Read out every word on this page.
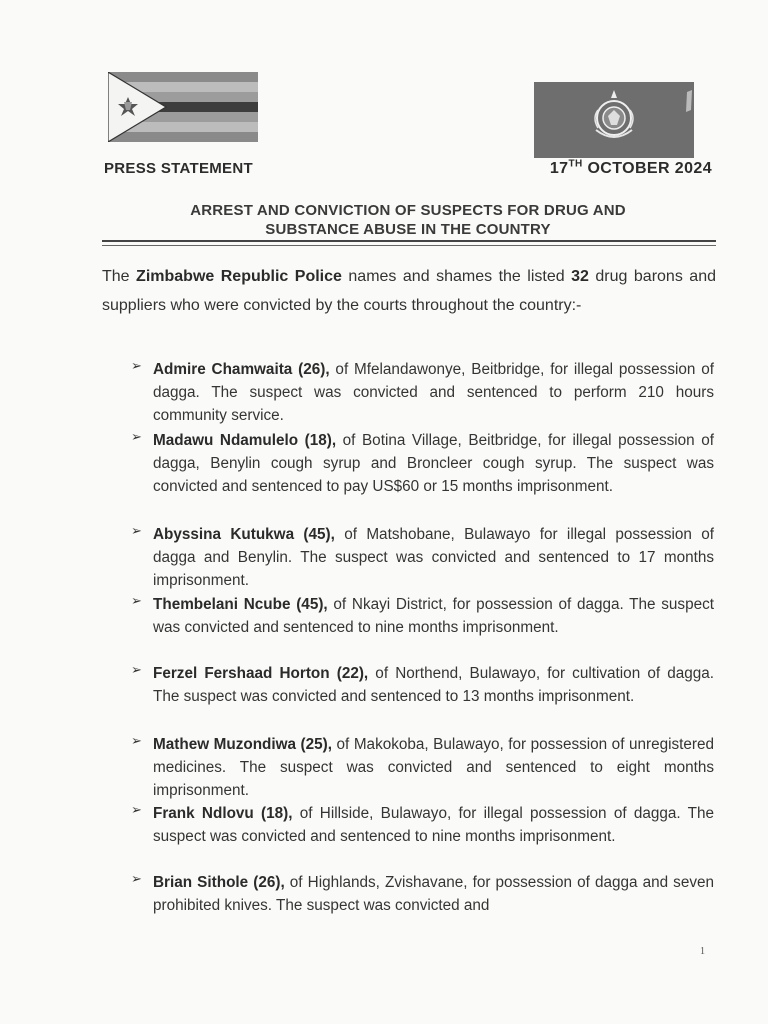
PRESS STATEMENT	17TH OCTOBER 2024
ARREST AND CONVICTION OF SUSPECTS FOR DRUG AND
SUBSTANCE ABUSE IN THE COUNTRY

The Zimbabwe Republic Police names and shames the listed 32 drug barons and suppliers who were convicted by the courts throughout the country:-

➢ Admire Chamwaita (26), of Mfelandawonye, Beitbridge, for illegal possession of dagga. The suspect was convicted and sentenced to perform 210 hours community service.
➢ Madawu Ndamulelo (18), of Botina Village, Beitbridge, for illegal possession of dagga, Benylin cough syrup and Broncleer cough syrup. The suspect was convicted and sentenced to pay US$60 or 15 months imprisonment.
➢ Abyssina Kutukwa (45), of Matshobane, Bulawayo for illegal possession of dagga and Benylin. The suspect was convicted and sentenced to 17 months imprisonment.
➢ Thembelani Ncube (45), of Nkayi District, for possession of dagga. The suspect was convicted and sentenced to nine months imprisonment.
➢ Ferzel Fershaad Horton (22), of Northend, Bulawayo, for cultivation of dagga. The suspect was convicted and sentenced to 13 months imprisonment.
➢ Mathew Muzondiwa (25), of Makokoba, Bulawayo, for possession of unregistered medicines. The suspect was convicted and sentenced to eight months imprisonment.
➢ Frank Ndlovu (18), of Hillside, Bulawayo, for illegal possession of dagga. The suspect was convicted and sentenced to nine months imprisonment.
➢ Brian Sithole (26), of Highlands, Zvishavane, for possession of dagga and seven prohibited knives. The suspect was convicted and
1
